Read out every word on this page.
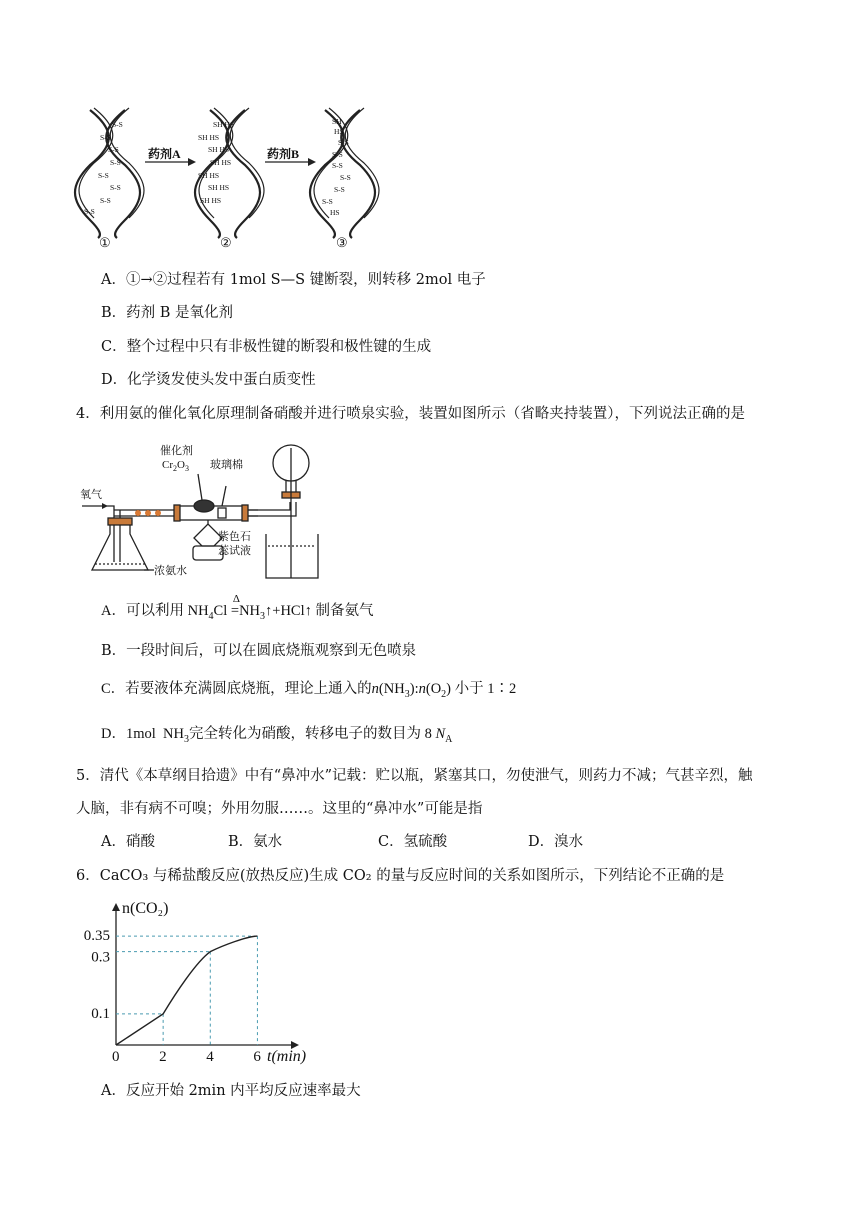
S-S
S-S
S-S
S-S
S-S
S-S
S-S
S-S
SH HS
SH HS
SH HS
SH HS
SH HS
SH HS
SH HS
SH
HS
S-S
S-S
S-S
S-S
S-S
S-S
HS
药剂A	药剂B
①	②	③
A．①→②过程若有 1mol S—S 键断裂，则转移 2mol 电子
B．药剂 B 是氧化剂
C．整个过程中只有非极性键的断裂和极性键的生成
D．化学烫发使头发中蛋白质变性
4．利用氨的催化氧化原理制备硝酸并进行喷泉实验，装置如图所示（省略夹持装置），下列说法正确的是
氧气
催化剂
$Cr_2O_3$ 玻璃棉
浓氨水
紫色石
蕊试液
A．可以利用 $NH_4Cl$
Δ
$=NH_3↑+HCl↑$ 制备氨气
B．一段时间后，可以在圆底烧瓶观察到无色喷泉
C．若要液体充满圆底烧瓶，理论上通入的$n(NH_3):n(O_2)$ 小于 1∶2
D．1mol $NH_3$完全转化为硝酸，转移电子的数目为 8 $N_A$
5．清代《本草纲目拾遗》中有“鼻冲水”记载：贮以瓶，紧塞其口，勿使泄气，则药力不减；气甚辛烈，触
人脑，非有病不可嗅；外用勿服……。这里的“鼻冲水”可能是指
A．硝酸	B．氨水	C．氢硫酸	D．溴水
6．CaCO₃ 与稀盐酸反应(放热反应)生成 CO₂ 的量与反应时间的关系如图所示，下列结论不正确的是
0	2	4	6
0.1
0.3
0.35
n(CO₂)
t(min)
A．反应开始 2min 内平均反应速率最大
